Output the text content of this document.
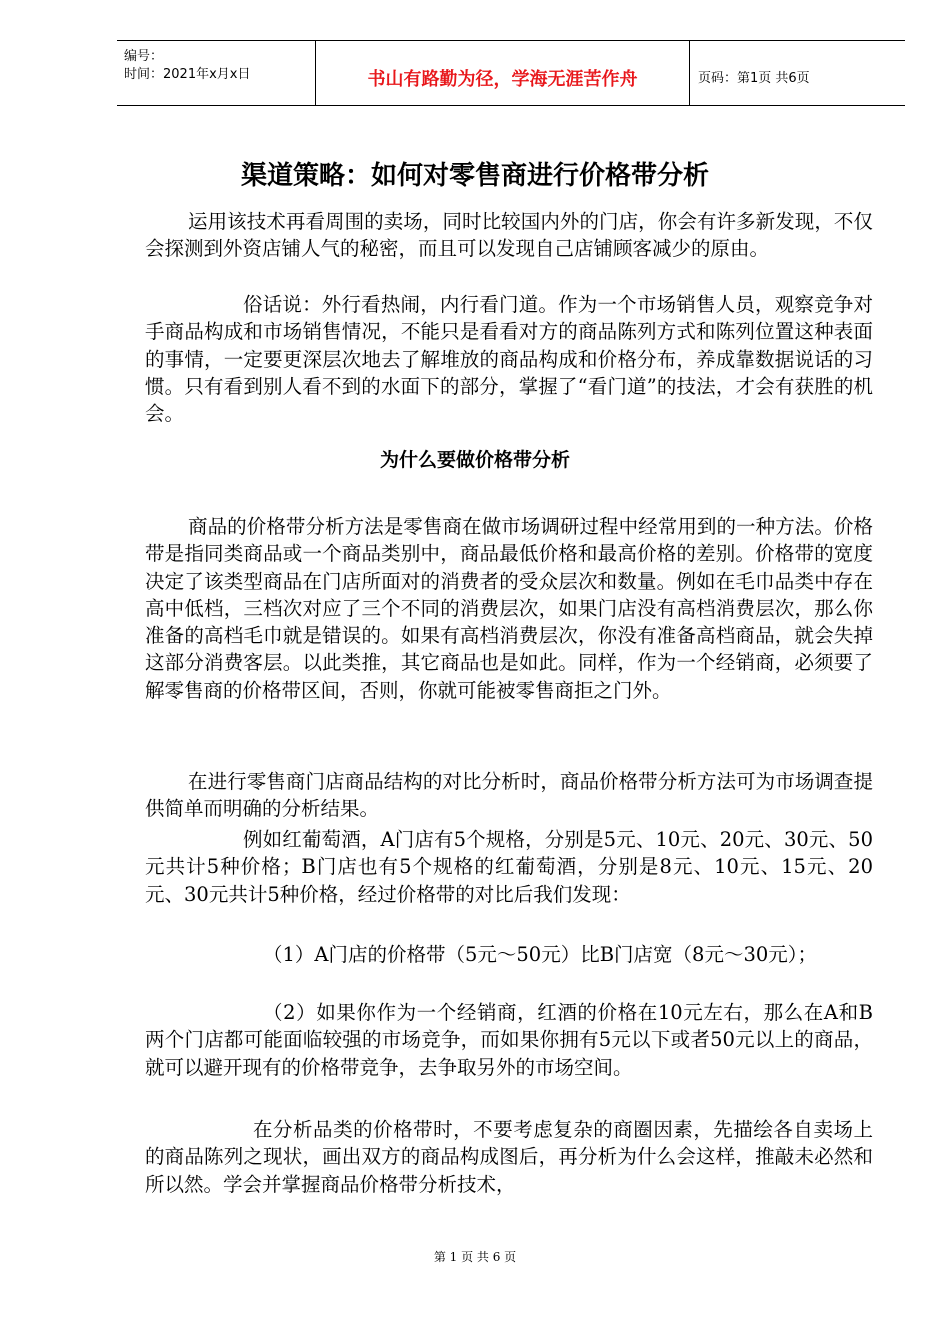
编号：
时间：2021年x月x日	书山有路勤为径，学海无涯苦作舟	页码：第1页 共6页
渠道策略：如何对零售商进行价格带分析

运用该技术再看周围的卖场，同时比较国内外的门店，你会有许多新发现，不仅会探测到外资店铺人气的秘密，而且可以发现自己店铺顾客减少的原由。

俗话说：外行看热闹，内行看门道。作为一个市场销售人员，观察竞争对手商品构成和市场销售情况，不能只是看看对方的商品陈列方式和陈列位置这种表面的事情，一定要更深层次地去了解堆放的商品构成和价格分布，养成靠数据说话的习惯。只有看到别人看不到的水面下的部分，掌握了“看门道”的技法，才会有获胜的机会。

为什么要做价格带分析

商品的价格带分析方法是零售商在做市场调研过程中经常用到的一种方法。价格带是指同类商品或一个商品类别中，商品最低价格和最高价格的差别。价格带的宽度决定了该类型商品在门店所面对的消费者的受众层次和数量。例如在毛巾品类中存在高中低档，三档次对应了三个不同的消费层次，如果门店没有高档消费层次，那么你准备的高档毛巾就是错误的。如果有高档消费层次，你没有准备高档商品，就会失掉这部分消费客层。以此类推，其它商品也是如此。同样，作为一个经销商，必须要了解零售商的价格带区间，否则，你就可能被零售商拒之门外。

在进行零售商门店商品结构的对比分析时，商品价格带分析方法可为市场调查提供简单而明确的分析结果。

例如红葡萄酒，A门店有5个规格，分别是5元、10元、20元、30元、50元共计5种价格；B门店也有5个规格的红葡萄酒，分别是8元、10元、15元、20元、30元共计5种价格，经过价格带的对比后我们发现：

（1）A门店的价格带（5元～50元）比B门店宽（8元～30元）；

（2）如果你作为一个经销商，红酒的价格在10元左右，那么在A和B两个门店都可能面临较强的市场竞争，而如果你拥有5元以下或者50元以上的商品，就可以避开现有的价格带竞争，去争取另外的市场空间。

在分析品类的价格带时，不要考虑复杂的商圈因素，先描绘各自卖场上的商品陈列之现状，画出双方的商品构成图后，再分析为什么会这样，推敲未必然和所以然。学会并掌握商品价格带分析技术，

第 1 页 共 6 页
